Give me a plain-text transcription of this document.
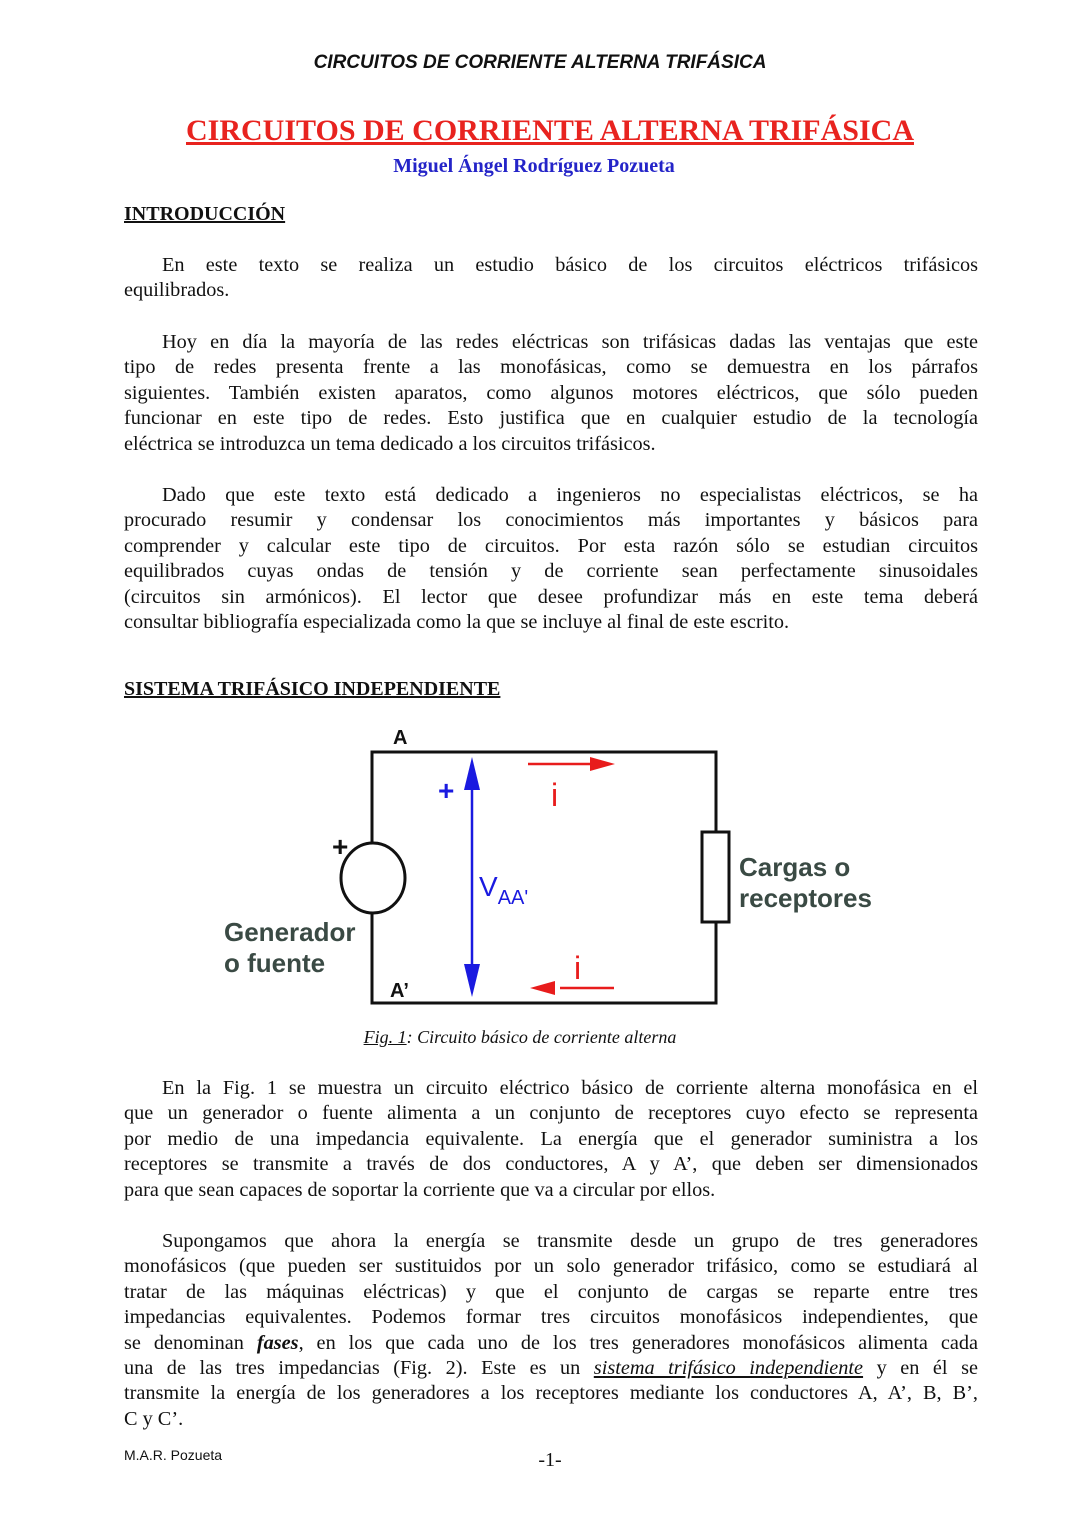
CIRCUITOS DE CORRIENTE ALTERNA TRIFÁSICA
CIRCUITOS DE CORRIENTE ALTERNA TRIFÁSICA
Miguel Ángel Rodríguez Pozueta
INTRODUCCIÓN
En este texto se realiza un estudio básico de los circuitos eléctricos trifásicos
equilibrados.
Hoy en día la mayoría de las redes eléctricas son trifásicas dadas las ventajas que este
tipo de redes presenta frente a las monofásicas, como se demuestra en los párrafos
siguientes. También existen aparatos, como algunos motores eléctricos, que sólo pueden
funcionar en este tipo de redes. Esto justifica que en cualquier estudio de la tecnología
eléctrica se introduzca un tema dedicado a los circuitos trifásicos.
Dado que este texto está dedicado a ingenieros no especialistas eléctricos, se ha
procurado resumir y condensar los conocimientos más importantes y básicos para
comprender y calcular este tipo de circuitos. Por esta razón sólo se estudian circuitos
equilibrados cuyas ondas de tensión y de corriente sean perfectamente sinusoidales
(circuitos sin armónicos). El lector que desee profundizar más en este tema deberá
consultar bibliografía especializada como la que se incluye al final de este escrito.
SISTEMA TRIFÁSICO INDEPENDIENTE
A
A’
+
+
$V_{AA'}$
i
i
Generador
o fuente
Cargas o
receptores
Fig. 1: Circuito básico de corriente alterna
En la Fig. 1 se muestra un circuito eléctrico básico de corriente alterna monofásica en el
que un generador o fuente alimenta a un conjunto de receptores cuyo efecto se representa
por medio de una impedancia equivalente. La energía que el generador suministra a los
receptores se transmite a través de dos conductores, A y A’, que deben ser dimensionados
para que sean capaces de soportar la corriente que va a circular por ellos.
Supongamos que ahora la energía se transmite desde un grupo de tres generadores
monofásicos (que pueden ser sustituidos por un solo generador trifásico, como se estudiará al
tratar de las máquinas eléctricas) y que el conjunto de cargas se reparte entre tres
impedancias equivalentes. Podemos formar tres circuitos monofásicos independientes, que
se denominan fases, en los que cada uno de los tres generadores monofásicos alimenta cada
una de las tres impedancias (Fig. 2). Este es un sistema trifásico independiente y en él se
transmite la energía de los generadores a los receptores mediante los conductores A, A’, B, B’,
C y C’.
M.A.R. Pozueta	-1-
